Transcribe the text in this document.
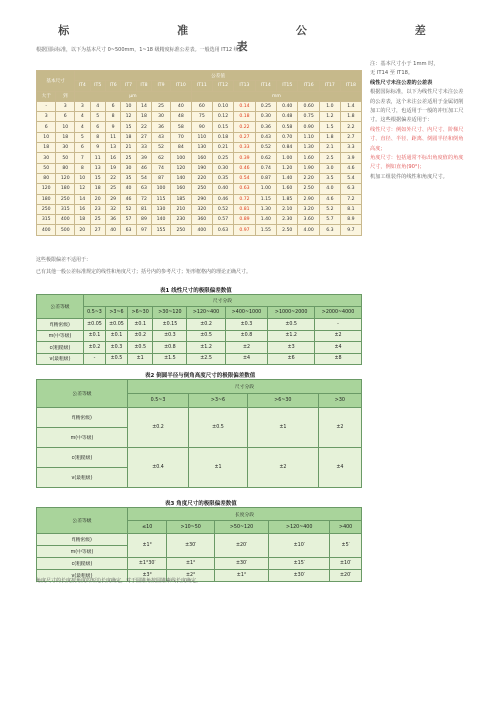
标 准 公 差 表
根据国际标准，以下为基本尺寸 0~500mm，1~18 级精度标准公差表。一般选用 IT12 线性
注：基本尺寸小于 1mm 时，
无 IT14 至 IT18。
线性尺寸未注公差的公差表
根据国际标准，以下为线性尺寸未注公差的公差表，这个未注公差适用于金属切削加工的尺寸，也适用于一般的冲压加工尺寸。这些根据偏差适用于：
线性尺寸：例如外尺寸、内尺寸、阶梯尺寸、直径、半径、距离、倒圆半径和倒角高度；
角度尺寸：包括通常不标出角度值的角度尺寸，例如直角(90°)；
机加工组装件的线性和角度尺寸。
基本尺寸		公差值														
		IT4	IT5	IT6	IT7	IT8	IT9	IT10	IT11	IT12	IT13	IT14	IT15	IT16	IT17	IT18
大于	到	μm							mm							
-	3	3	4	6	10	14	25	40	60	0.10	0.14	0.25	0.40	0.60	1.0	1.4
3	6	4	5	8	12	18	30	48	75	0.12	0.18	0.30	0.48	0.75	1.2	1.8
6	10	4	6	9	15	22	36	58	90	0.15	0.22	0.36	0.58	0.90	1.5	2.2
10	18	5	8	11	18	27	43	70	110	0.18	0.27	0.43	0.70	1.10	1.8	2.7
18	30	6	9	13	21	33	52	84	130	0.21	0.33	0.52	0.84	1.30	2.1	3.3
30	50	7	11	16	25	39	62	100	160	0.25	0.39	0.62	1.00	1.60	2.5	3.9
50	80	8	13	19	30	46	74	120	190	0.30	0.46	0.74	1.20	1.90	3.0	4.6
80	120	10	15	22	35	54	87	140	220	0.35	0.54	0.87	1.40	2.20	3.5	5.4
120	180	12	18	25	40	63	100	160	250	0.40	0.63	1.00	1.60	2.50	4.0	6.3
180	250	14	20	29	46	72	115	185	290	0.46	0.72	1.15	1.85	2.90	4.6	7.2
250	315	16	23	32	52	81	130	210	320	0.52	0.81	1.30	2.10	3.20	5.2	8.1
315	400	18	25	36	57	89	140	230	360	0.57	0.89	1.40	2.30	3.60	5.7	8.9
400	500	20	27	40	63	97	155	250	400	0.63	0.97	1.55	2.50	4.00	6.3	9.7
这些极限偏差不适用于：
已有其他一般公差标准规定的线性和角度尺寸；括号内的参考尺寸；矩形框格内的理论正确尺寸。
表1 线性尺寸的极限偏差数值
公差等级	尺寸分段							
	0.5~3	>3~6	>6~30	>30~120	>120~400	>400~1000	>1000~2000	>2000~4000
f(精密级)	±0.05	±0.05	±0.1	±0.15	±0.2	±0.3	±0.5	-
m(中等级)	±0.1	±0.1	±0.2	±0.3	±0.5	±0.8	±1.2	±2
c(粗糙级)	±0.2	±0.3	±0.5	±0.8	±1.2	±2	±3	±4
v(最粗级)	-	±0.5	±1	±1.5	±2.5	±4	±6	±8
表2 倒圆半径与倒角高度尺寸的极限偏差数值
公差等级	尺寸分段			
	0.5~3	>3~6	>6~30	>30
f(精密级)	±0.2	±0.5	±1	±2
m(中等级)				
c(粗糙级)	±0.4	±1	±2	±4
v(最粗级)				
表3 角度尺寸的极限偏差数值
公差等级	长度分段				
	≤10	>10~50	>50~120	>120~400	>400
f(精密级)	±1°	±30′	±20′	±10′	±5′
m(中等级)					
c(粗糙级)	±1°30′	±1°	±30′	±15′	±10′
v(最粗级)	±3°	±2°	±1°	±30′	±20′
角度尺寸的长度按角度的短边长度确定，对于圆锥角按圆锥素线长度确定。
